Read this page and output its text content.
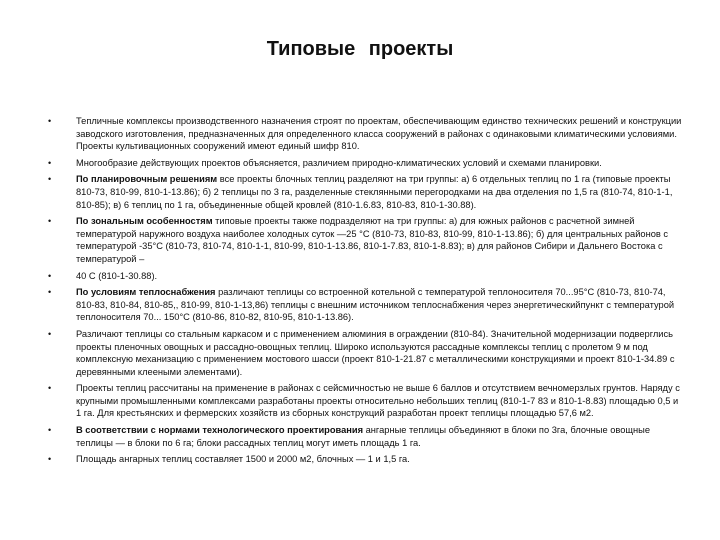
Типовые проекты
•	Тепличные комплексы производственного назначения строят по проектам, обеспечивающим единство технических решений и конструкции заводского изготовления, предназначенных для определенного класса сооружений в районах с одинаковыми климатическими условиями. Проекты культивационных сооружений имеют единый шифр 810.
•	Многообразие действующих проектов объясняется, различием природно-климатических условий и схемами планировки.
•	По планировочным решениям все проекты блочных теплиц разделяют на три группы: а) 6 отдельных теплиц по 1 га (типовые проекты 810-73, 810-99, 810-1-13.86); б) 2 теплицы по 3 га, разделенные стеклянными перегородками на два отделения по 1,5 га (810-74, 810-1-1, 810-85); в) 6 теплиц по 1 га, объединенные общей кровлей (810-1.6.83, 810-83, 810-1-30.88).
•	По зональным особенностям типовые проекты также подразделяют на три группы: а) для южных районов с расчетной зимней температурой наружного воздуха наиболее холодных суток —25 °С (810-73, 810-83, 810-99, 810-1-13.86); б) для центральных районов с температурой -35°С (810-73, 810-74, 810-1-1, 810-99, 810-1-13.86, 810-1-7.83, 810-1-8.83); в) для районов Сибири и Дальнего Востока с температурой –
•	40 С (810-1-30.88).
•	По условиям теплоснабжения различают теплицы со встроенной котельной с температурой теплоносителя 70...95°С (810-73, 810-74, 810-83, 810-84, 810-85,, 810-99, 810-1-13,86) теплицы с внешним источником теплоснабжения через энергетическийпункт с температурой теплоносителя 70... 150°С (810-86, 810-82, 810-95, 810-1-13.86).
•	Различают теплицы со стальным каркасом и с применением алюминия в ограждении (810-84). Значительной модернизации подверглись проекты пленочных овощных и рассадно-овощных теплиц. Широко используются рассадные комплексы теплиц с пролетом 9 м под комплексную механизацию с применением мостового шасси (проект 810-1-21.87 с металлическими конструкциями и проект 810-1-34.89 с деревянными клееными элементами).
•	Проекты теплиц рассчитаны на применение в районах с сейсмичностью не выше 6 баллов и отсутствием вечномерзлых грунтов. Наряду с крупными промышленными комплексами разработаны проекты относительно небольших теплиц (810-1-7 83 и 810-1-8.83) площадью 0,5 и 1 га. Для крестьянских и фермерских хозяйств из сборных конструкций разработан проект теплицы площадью 57,6 м2.
•	В соответствии с нормами технологического проектирования ангарные теплицы объединяют в блоки по 3га, блочные овощные теплицы — в блоки по 6 га; блоки рассадных теплиц могут иметь площадь 1 га.
•	Площадь ангарных теплиц составляет 1500 и 2000 м2, блочных — 1 и 1,5 га.
